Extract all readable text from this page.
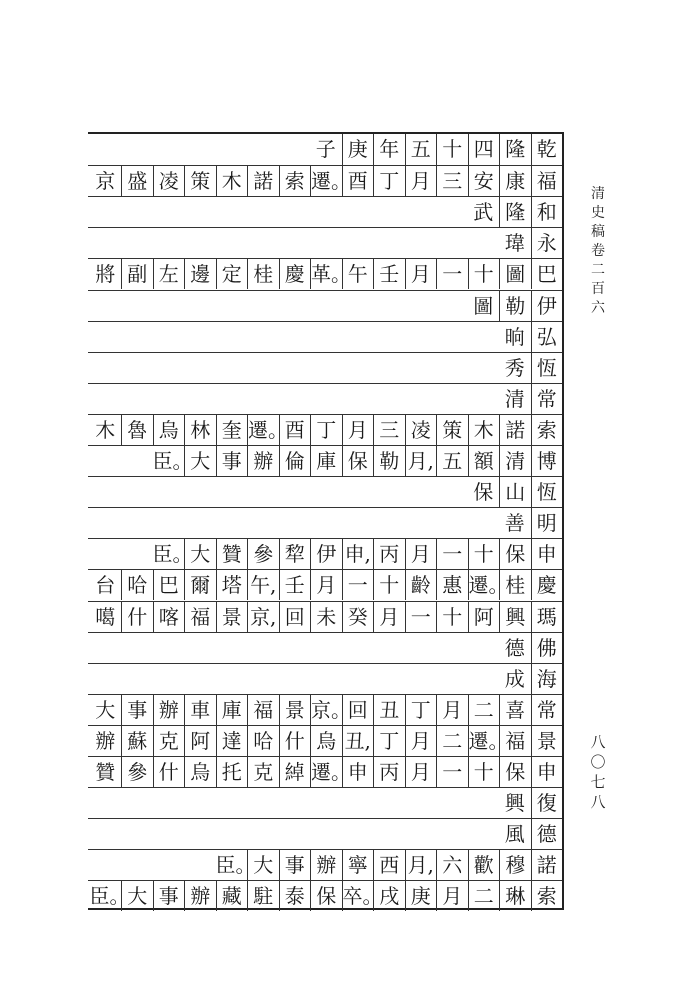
乾
隆
四
十
五
年
庚
子
福
康
安
三
月
丁
酉
遷。
索
諾
木
策
凌
盛
京
和
隆
武
永
瑋
巴
圖
十
一
月
壬
午
革。
慶
桂
定
邊
左
副
將
伊
勒
圖
弘
晌
恆
秀
常
清
索
諾
木
策
凌
三
月
丁
酉
遷。
奎
林
烏
魯
木
博
清
額
五
月,
勒
保
庫
倫
辦
事
大
臣。
恆
山
保
明
善
申
保
十
一
月
丙
申,
伊
犂
參
贊
大
臣。
慶
桂
遷。
惠
齡
十
一
月
壬
午,
塔
爾
巴
哈
台
瑪
興
阿
十
一
月
癸
未
回
京,
景
福
喀
什
噶
佛
德
海
成
常
喜
二
月
丁
丑
回
京。
景
福
庫
車
辦
事
大
景
福
遷。
二
月
丁
丑,
烏
什
哈
達
阿
克
蘇
辦
申
保
十
一
月
丙
申
遷。
綽
克
托
烏
什
參
贊
復
興
德
風
諾
穆
歡
六
月,
西
寧
辦
事
大
臣。
索
琳
二
月
庚
戌
卒。
保
泰
駐
藏
辦
事
大
臣。
清
史
稿
卷
二
百
六
八
〇
七
八
